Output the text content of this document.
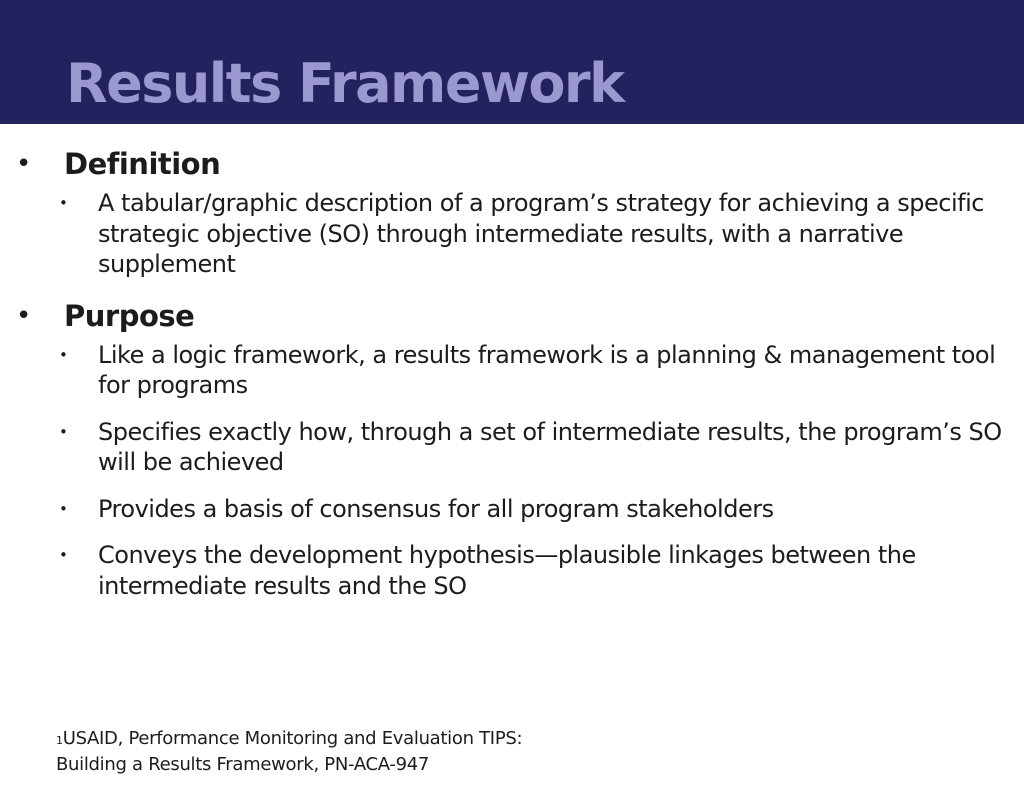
Results Framework
• Definition
• A tabular/graphic description of a program’s strategy for achieving a specific strategic objective (SO) through intermediate results, with a narrative supplement
• Purpose
• Like a logic framework, a results framework is a planning & management tool for programs
• Specifies exactly how, through a set of intermediate results, the program’s SO will be achieved
• Provides a basis of consensus for all program stakeholders
• Conveys the development hypothesis—plausible linkages between the intermediate results and the SO
$^1$USAID, Performance Monitoring and Evaluation TIPS:
Building a Results Framework, PN-ACA-947
